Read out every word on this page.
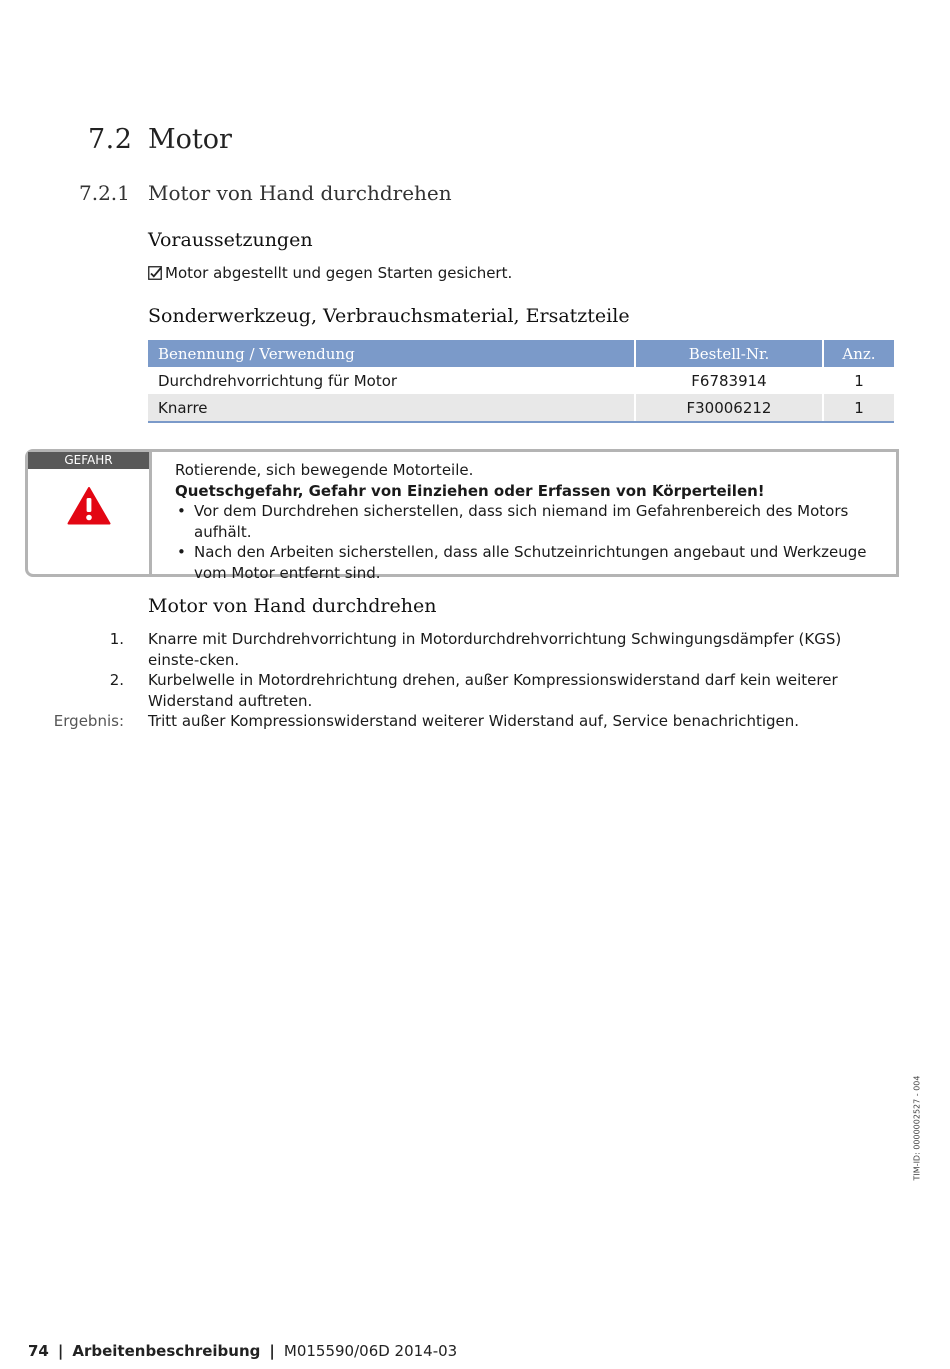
7.2 Motor
7.2.1 Motor von Hand durchdrehen
Voraussetzungen
Motor abgestellt und gegen Starten gesichert.
Sonderwerkzeug, Verbrauchsmaterial, Ersatzteile
Benennung / Verwendung	Bestell-Nr.	Anz.
Durchdrehvorrichtung für Motor	F6783914	1
Knarre	F30006212	1
GEFAHR
Rotierende, sich bewegende Motorteile.
Quetschgefahr, Gefahr von Einziehen oder Erfassen von Körperteilen!
• Vor dem Durchdrehen sicherstellen, dass sich niemand im Gefahrenbereich des Motors aufhält.
• Nach den Arbeiten sicherstellen, dass alle Schutzeinrichtungen angebaut und Werkzeuge vom Motor entfernt sind.
Motor von Hand durchdrehen
1. Knarre mit Durchdrehvorrichtung in Motordurchdrehvorrichtung Schwingungsdämpfer (KGS) einste-cken.
2. Kurbelwelle in Motordrehrichtung drehen, außer Kompressionswiderstand darf kein weiterer Widerstand auftreten.
Ergebnis: Tritt außer Kompressionswiderstand weiterer Widerstand auf, Service benachrichtigen.
TIM-ID: 0000002527 - 004
74 | Arbeitenbeschreibung | M015590/06D 2014-03
